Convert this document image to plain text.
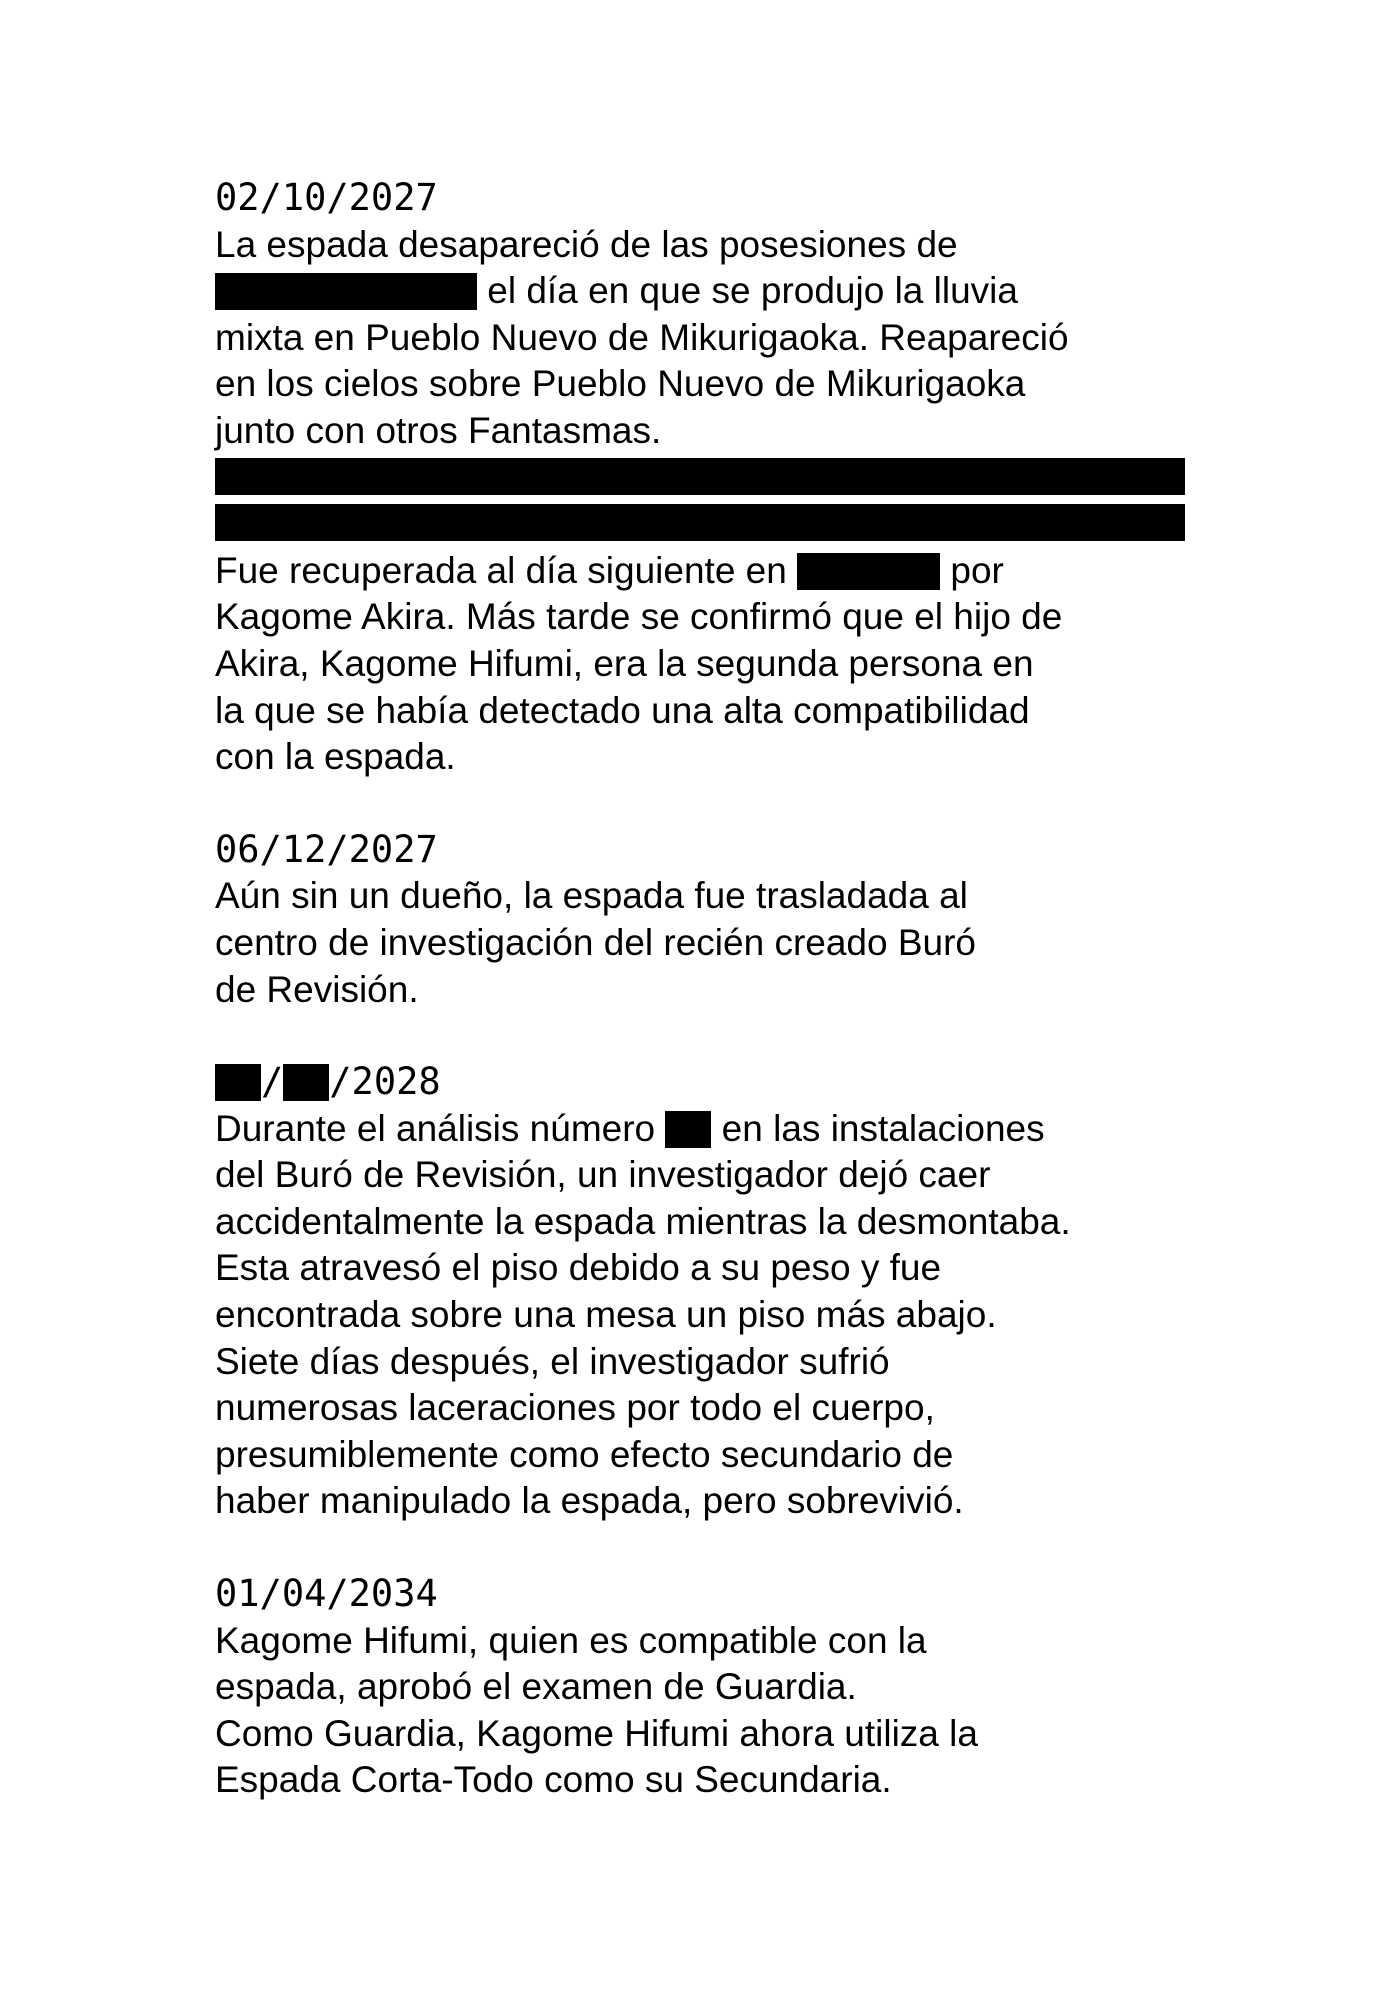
02/10/2027
La espada desapareció de las posesiones de
el día en que se produjo la lluvia
mixta en Pueblo Nuevo de Mikurigaoka. Reapareció
en los cielos sobre Pueblo Nuevo de Mikurigaoka
junto con otros Fantasmas.
Fue recuperada al día siguiente en	por
Kagome Akira. Más tarde se confirmó que el hijo de
Akira, Kagome Hifumi, era la segunda persona en
la que se había detectado una alta compatibilidad
con la espada.
06/12/2027
Aún sin un dueño, la espada fue trasladada al
centro de investigación del recién creado Buró
de Revisión.
/ /2028
Durante el análisis número  en las instalaciones
del Buró de Revisión, un investigador dejó caer
accidentalmente la espada mientras la desmontaba.
Esta atravesó el piso debido a su peso y fue
encontrada sobre una mesa un piso más abajo.
Siete días después, el investigador sufrió
numerosas laceraciones por todo el cuerpo,
presumiblemente como efecto secundario de
haber manipulado la espada, pero sobrevivió.
01/04/2034
Kagome Hifumi, quien es compatible con la
espada, aprobó el examen de Guardia.
Como Guardia, Kagome Hifumi ahora utiliza la
Espada Corta-Todo como su Secundaria.
